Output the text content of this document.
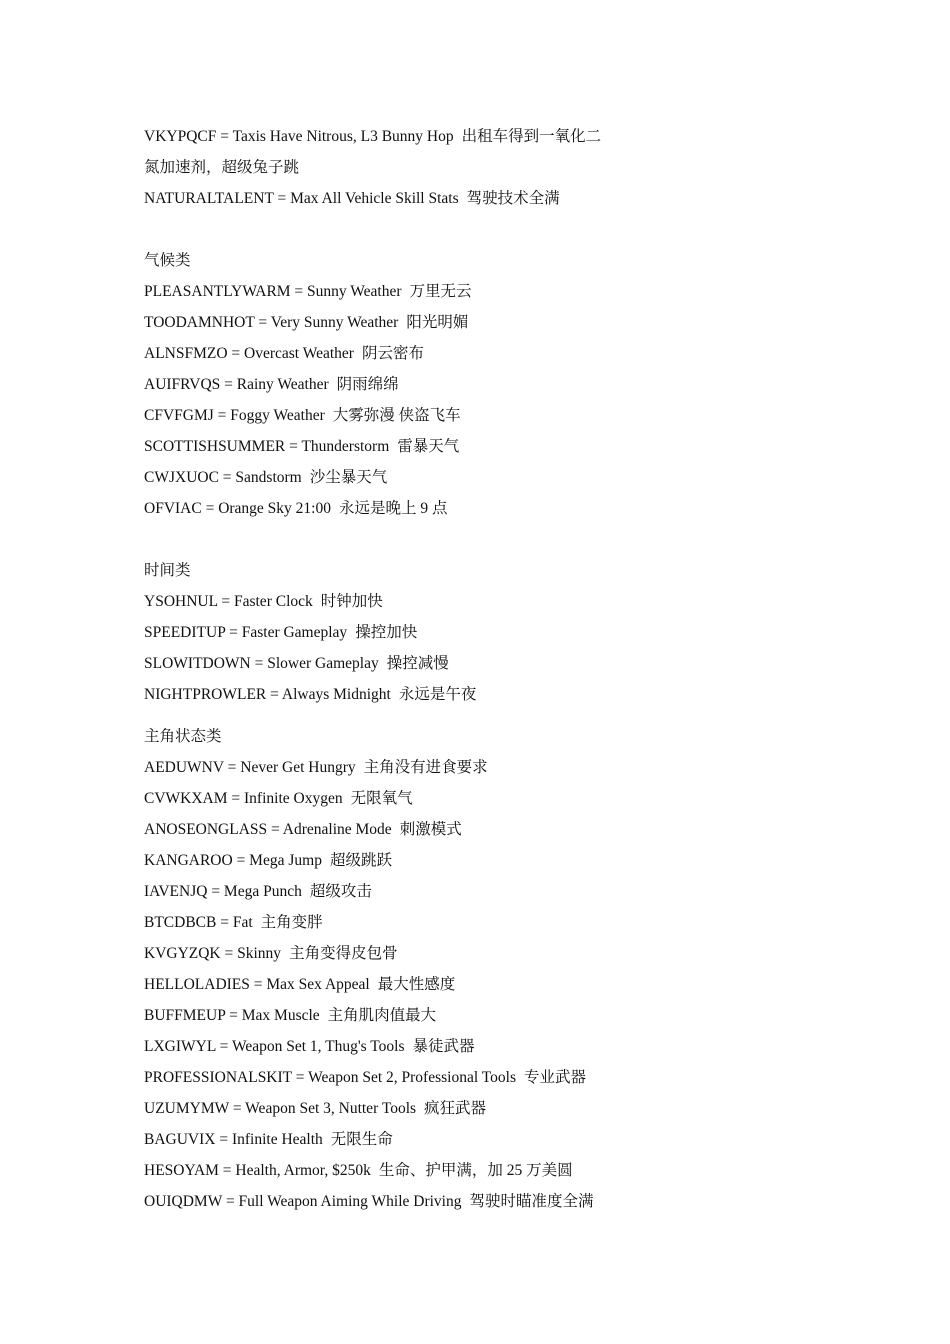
VKYPQCF = Taxis Have Nitrous, L3 Bunny Hop 出租车得到一氧化二
氮加速剂，超级兔子跳
NATURALTALENT = Max All Vehicle Skill Stats 驾驶技术全满
气候类
PLEASANTLYWARM = Sunny Weather 万里无云
TOODAMNHOT = Very Sunny Weather 阳光明媚
ALNSFMZO = Overcast Weather 阴云密布
AUIFRVQS = Rainy Weather 阴雨绵绵
CFVFGMJ = Foggy Weather 大雾弥漫 侠盗飞车
SCOTTISHSUMMER = Thunderstorm 雷暴天气
CWJXUOC = Sandstorm 沙尘暴天气
OFVIAC = Orange Sky 21:00 永远是晚上 9 点
时间类
YSOHNUL = Faster Clock 时钟加快
SPEEDITUP = Faster Gameplay 操控加快
SLOWITDOWN = Slower Gameplay 操控减慢
NIGHTPROWLER = Always Midnight 永远是午夜
主角状态类
AEDUWNV = Never Get Hungry 主角没有进食要求
CVWKXAM = Infinite Oxygen 无限氧气
ANOSEONGLASS = Adrenaline Mode 刺激模式
KANGAROO = Mega Jump 超级跳跃
IAVENJQ = Mega Punch 超级攻击
BTCDBCB = Fat 主角变胖
KVGYZQK = Skinny 主角变得皮包骨
HELLOLADIES = Max Sex Appeal 最大性感度
BUFFMEUP = Max Muscle 主角肌肉值最大
LXGIWYL = Weapon Set 1, Thug's Tools 暴徒武器
PROFESSIONALSKIT = Weapon Set 2, Professional Tools 专业武器
UZUMYMW = Weapon Set 3, Nutter Tools 疯狂武器
BAGUVIX = Infinite Health 无限生命
HESOYAM = Health, Armor, $250k 生命、护甲满，加 25 万美圆
OUIQDMW = Full Weapon Aiming While Driving 驾驶时瞄准度全满
